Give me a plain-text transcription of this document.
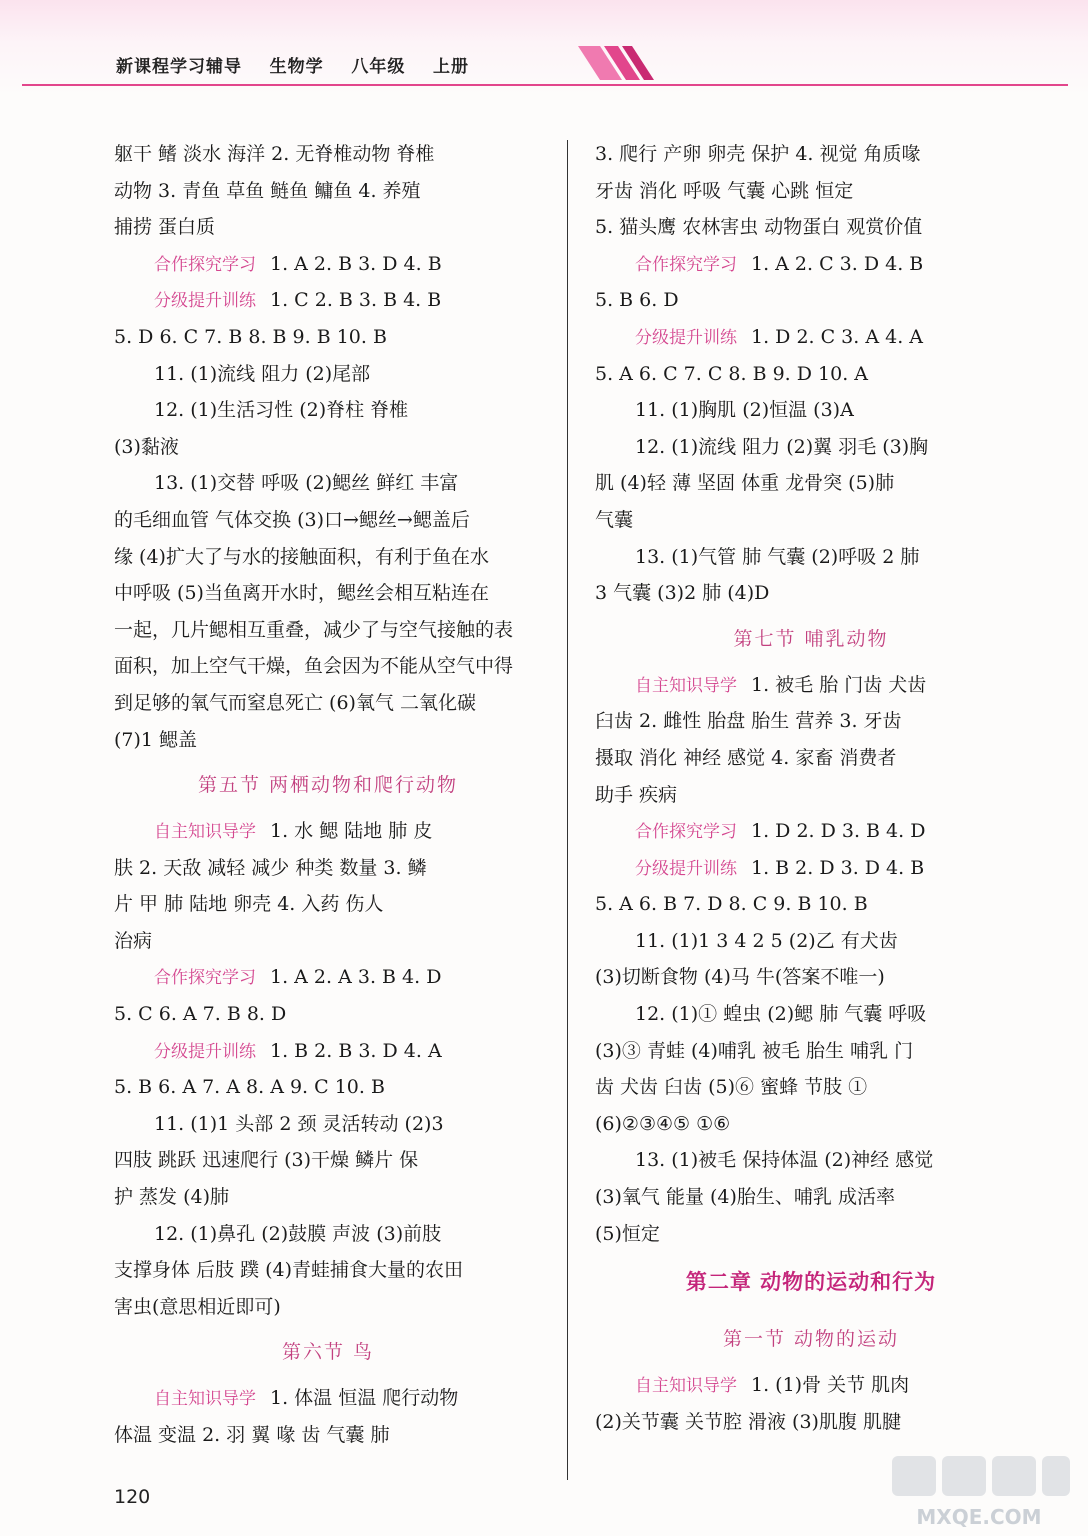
新课程学习辅导    生物学    八年级    上册
躯干 鳍 淡水 海洋 2. 无脊椎动物 脊椎
动物 3. 青鱼 草鱼 鲢鱼 鳙鱼 4. 养殖
捕捞 蛋白质
合作探究学习 1. A 2. B 3. D 4. B
分级提升训练 1. C 2. B 3. B 4. B
5. D 6. C 7. B 8. B 9. B 10. B
11. (1)流线 阻力 (2)尾部
12. (1)生活习性 (2)脊柱 脊椎
(3)黏液
13. (1)交替 呼吸 (2)鳃丝 鲜红 丰富
的毛细血管 气体交换 (3)口→鳃丝→鳃盖后
缘 (4)扩大了与水的接触面积，有利于鱼在水
中呼吸 (5)当鱼离开水时，鳃丝会相互粘连在
一起，几片鳃相互重叠，减少了与空气接触的表
面积，加上空气干燥，鱼会因为不能从空气中得
到足够的氧气而窒息死亡 (6)氧气 二氧化碳
(7)1 鳃盖
第五节 两栖动物和爬行动物
自主知识导学 1. 水 鳃 陆地 肺 皮
肤 2. 天敌 减轻 减少 种类 数量 3. 鳞
片 甲 肺 陆地 卵壳 4. 入药 伤人
治病
合作探究学习 1. A 2. A 3. B 4. D
5. C 6. A 7. B 8. D
分级提升训练 1. B 2. B 3. D 4. A
5. B 6. A 7. A 8. A 9. C 10. B
11. (1)1 头部 2 颈 灵活转动 (2)3
四肢 跳跃 迅速爬行 (3)干燥 鳞片 保
护 蒸发 (4)肺
12. (1)鼻孔 (2)鼓膜 声波 (3)前肢
支撑身体 后肢 蹼 (4)青蛙捕食大量的农田
害虫(意思相近即可)
第六节 鸟
自主知识导学 1. 体温 恒温 爬行动物
体温 变温 2. 羽 翼 喙 齿 气囊 肺
3. 爬行 产卵 卵壳 保护 4. 视觉 角质喙
牙齿 消化 呼吸 气囊 心跳 恒定
5. 猫头鹰 农林害虫 动物蛋白 观赏价值
合作探究学习 1. A 2. C 3. D 4. B
5. B 6. D
分级提升训练 1. D 2. C 3. A 4. A
5. A 6. C 7. C 8. B 9. D 10. A
11. (1)胸肌 (2)恒温 (3)A
12. (1)流线 阻力 (2)翼 羽毛 (3)胸
肌 (4)轻 薄 坚固 体重 龙骨突 (5)肺
气囊
13. (1)气管 肺 气囊 (2)呼吸 2 肺
3 气囊 (3)2 肺 (4)D
第七节 哺乳动物
自主知识导学 1. 被毛 胎 门齿 犬齿
臼齿 2. 雌性 胎盘 胎生 营养 3. 牙齿
摄取 消化 神经 感觉 4. 家畜 消费者
助手 疾病
合作探究学习 1. D 2. D 3. B 4. D
分级提升训练 1. B 2. D 3. D 4. B
5. A 6. B 7. D 8. C 9. B 10. B
11. (1)1 3 4 2 5 (2)乙 有犬齿
(3)切断食物 (4)马 牛(答案不唯一)
12. (1)① 蝗虫 (2)鳃 肺 气囊 呼吸
(3)③ 青蛙 (4)哺乳 被毛 胎生 哺乳 门
齿 犬齿 臼齿 (5)⑥ 蜜蜂 节肢 ①
(6)②③④⑤ ①⑥
13. (1)被毛 保持体温 (2)神经 感觉
(3)氧气 能量 (4)胎生、哺乳 成活率
(5)恒定
第二章 动物的运动和行为
第一节 动物的运动
自主知识导学 1. (1)骨 关节 肌肉
(2)关节囊 关节腔 滑液 (3)肌腹 肌腱
120
MXQE.COM
